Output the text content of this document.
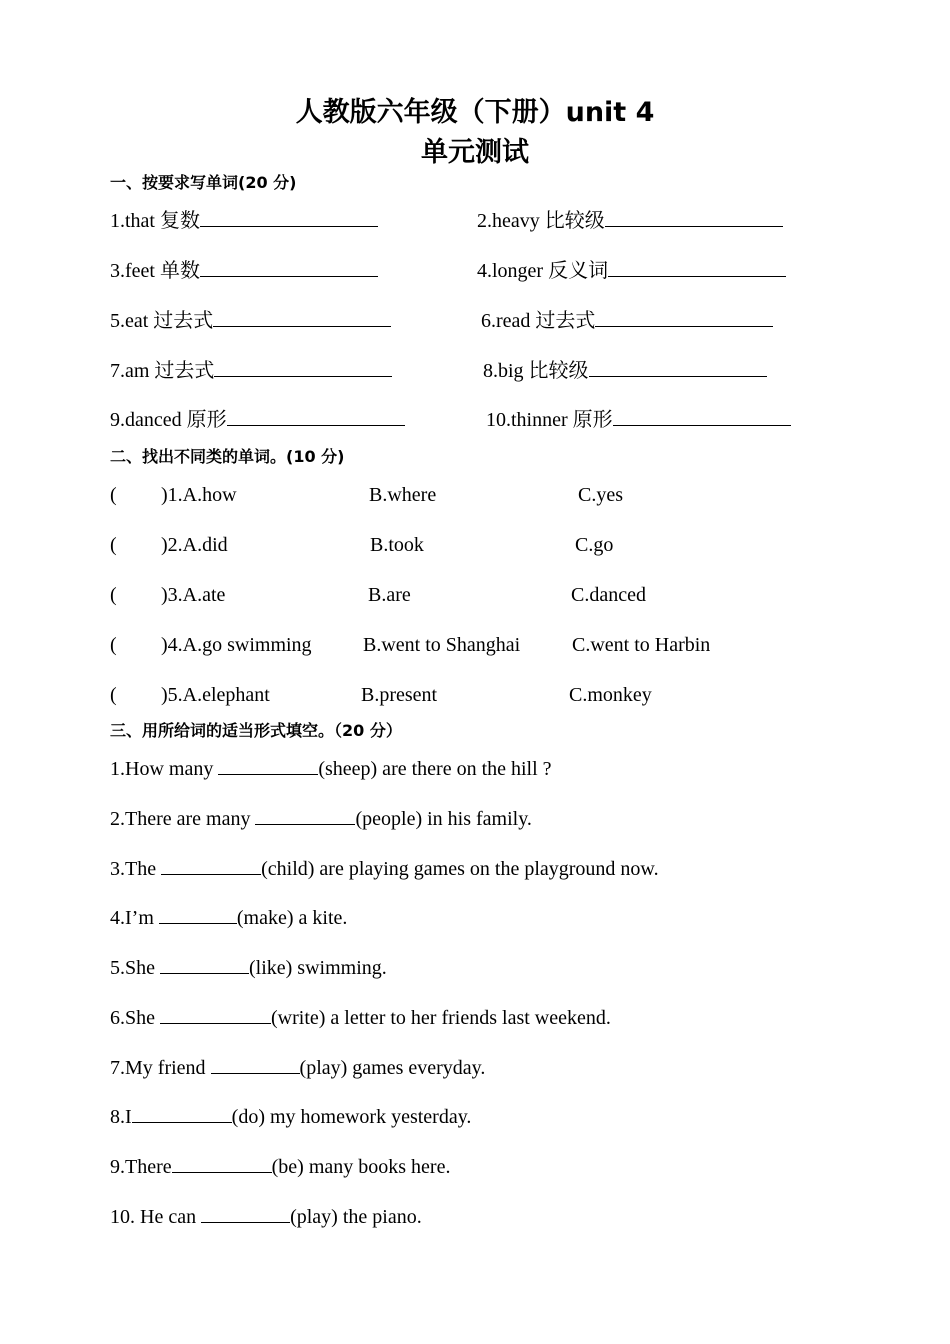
人教版六年级（下册）unit 4
单元测试
一、按要求写单词(20 分)
1.that 复数	2.heavy 比较级
3.feet 单数	4.longer 反义词
5.eat 过去式	6.read 过去式
7.am 过去式	8.big 比较级
9.danced 原形	10.thinner 原形
二、找出不同类的单词。(10 分)
( )1.A.how	B.where	C.yes
( )2.A.did	B.took	C.go
( )3.A.ate	B.are	C.danced
( )4.A.go swimming	B.went to Shanghai	C.went to Harbin
( )5.A.elephant	B.present	C.monkey
三、用所给词的适当形式填空。（20 分）
1.How many	(sheep) are there on the hill ?
2.There are many	(people) in his family.
3.The	(child) are playing games on the playground now.
4.I’m	(make) a kite.
5.She	(like) swimming.
6.She	(write) a letter to her friends last weekend.
7.My friend	(play) games everyday.
8.I	(do) my homework yesterday.
9.There	(be) many books here.
10. He can	(play) the piano.
